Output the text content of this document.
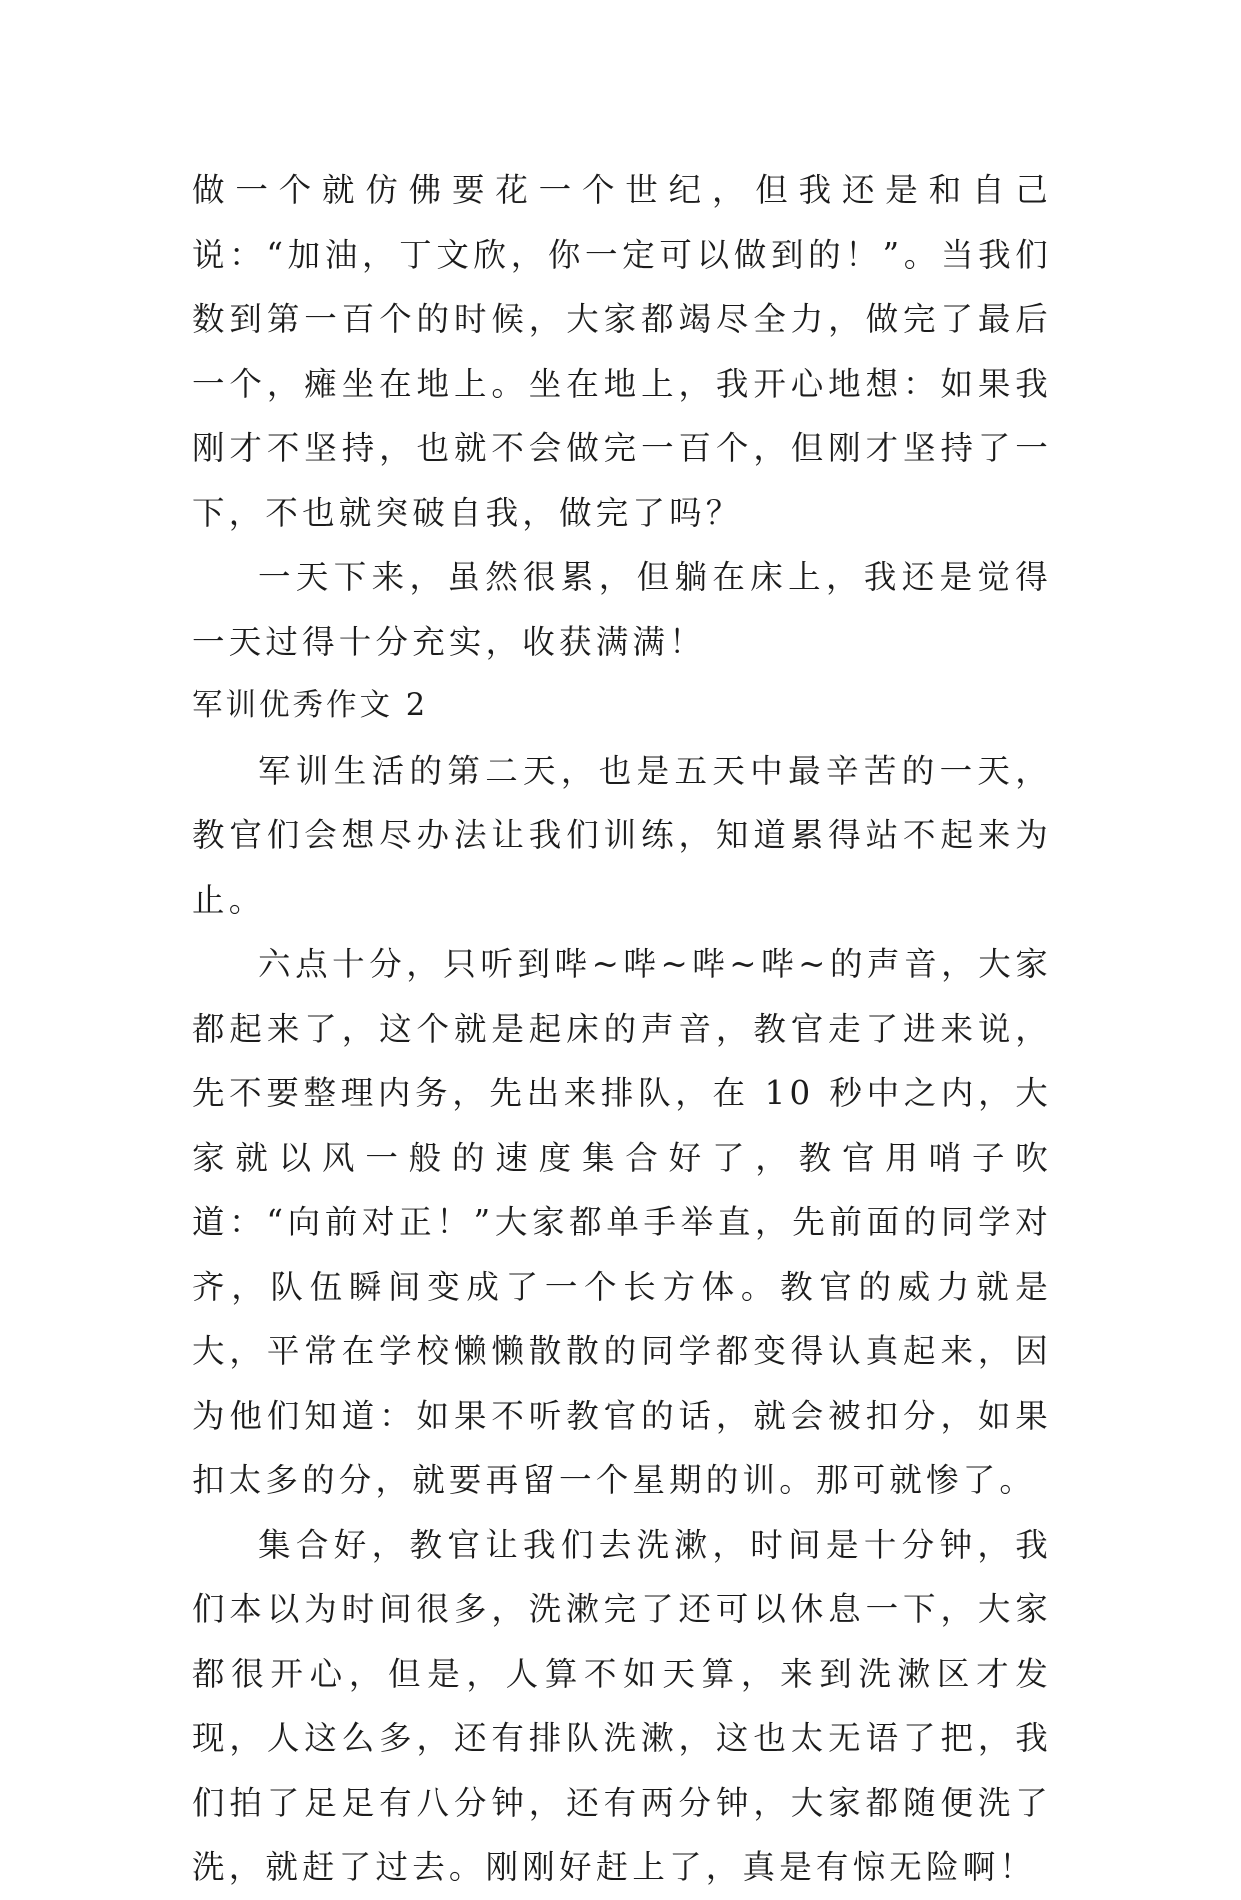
做一个就仿佛要花一个世纪，但我还是和自己说：“加油，丁文欣，你一定可以做到的！”。当我们数到第一百个的时候，大家都竭尽全力，做完了最后一个，瘫坐在地上。坐在地上，我开心地想：如果我刚才不坚持，也就不会做完一百个，但刚才坚持了一下，不也就突破自我，做完了吗？

一天下来，虽然很累，但躺在床上，我还是觉得一天过得十分充实，收获满满！

军训优秀作文 2

军训生活的第二天，也是五天中最辛苦的一天，教官们会想尽办法让我们训练，知道累得站不起来为止。

六点十分，只听到哔~哔~哔~哔~的声音，大家都起来了，这个就是起床的声音，教官走了进来说，先不要整理内务，先出来排队，在 10 秒中之内，大家就以风一般的速度集合好了，教官用哨子吹道：“向前对正！”大家都单手举直，先前面的同学对齐，队伍瞬间变成了一个长方体。教官的威力就是大，平常在学校懒懒散散的同学都变得认真起来，因为他们知道：如果不听教官的话，就会被扣分，如果扣太多的分，就要再留一个星期的训。那可就惨了。

集合好，教官让我们去洗漱，时间是十分钟，我们本以为时间很多，洗漱完了还可以休息一下，大家都很开心，但是，人算不如天算，来到洗漱区才发现，人这么多，还有排队洗漱，这也太无语了把，我们拍了足足有八分钟，还有两分钟，大家都随便洗了洗，就赶了过去。刚刚好赶上了，真是有惊无险啊！
